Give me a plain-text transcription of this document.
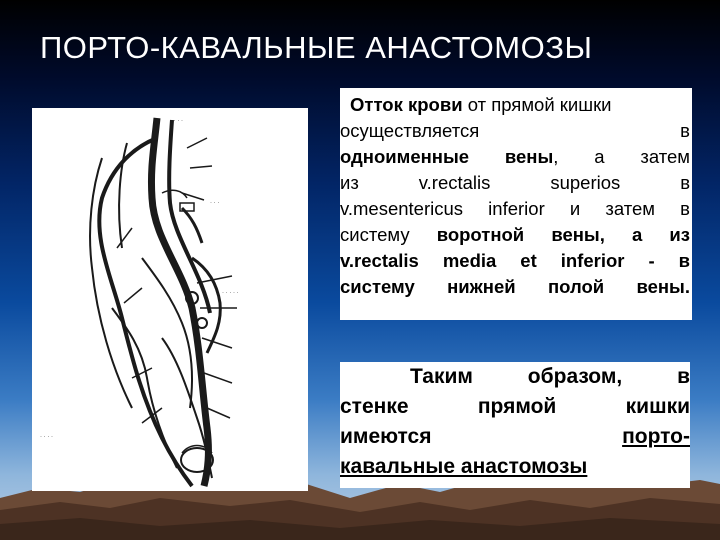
ПОРТО-КАВАЛЬНЫЕ АНАСТОМОЗЫ
· · · ·
· · ·
· · · · ·
· · · ·
Отток крови от прямой кишки
осуществляется	в
одноименные вены, а затем
из	v.rectalis	superios	в
v.mesentericus inferior и затем в
систему воротной вены, а из
v.rectalis media et inferior - в
систему нижней полой вены.
Таким образом, в
стенке прямой кишки
имеются	порто-
кавальные анастомозы
